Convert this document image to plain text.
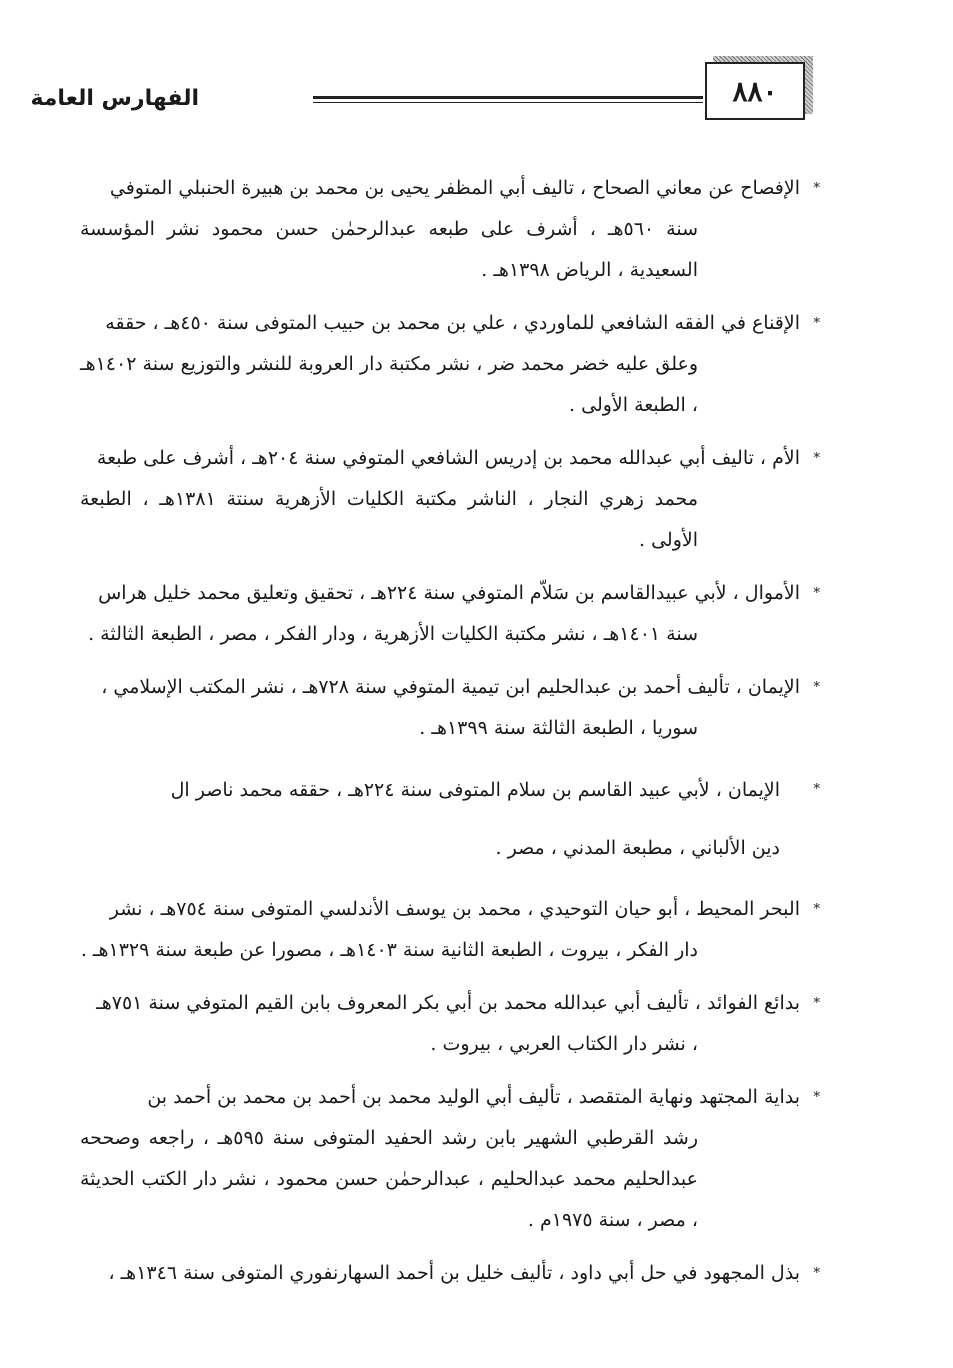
٨٨٠
الفهارس العامة
*
الإفصاح عن معاني الصحاح ، تاليف أبي المظفر يحيى بن محمد بن هبيرة الحنبلي المتوفي
سنة ٥٦٠هـ ، أشرف على طبعه عبدالرحمٰن حسن محمود نشر المؤسسة السعيدية ، الرياض ١٣٩٨هـ .
*
الإقناع في الفقه الشافعي للماوردي ، علي بن محمد بن حبيب المتوفى سنة ٤٥٠هـ ، حققه
وعلق عليه خضر محمد ضر ، نشر مكتبة دار العروبة للنشر والتوزيع سنة ١٤٠٢هـ ، الطبعة الأولى .
*
الأم ، تاليف أبي عبدالله محمد بن إدريس الشافعي المتوفي سنة ٢٠٤هـ ، أشرف على طبعة
محمد زهري النجار ، الناشر مكتبة الكليات الأزهرية سنتة ١٣٨١هـ ، الطبعة الأولى .
*
الأموال ، لأبي عبيدالقاسم بن سَلاّم المتوفي سنة ٢٢٤هـ ، تحقيق وتعليق محمد خليل هراس
سنة ١٤٠١هـ ، نشر مكتبة الكليات الأزهرية ، ودار الفكر ، مصر ، الطبعة الثالثة .
*
الإيمان ، تأليف أحمد بن عبدالحليم ابن تيمية المتوفي سنة ٧٢٨هـ ، نشر المكتب الإسلامي ،
سوريا ، الطبعة الثالثة سنة ١٣٩٩هـ .
*
الإيمان ، لأبي عبيد القاسم بن سلام المتوفى سنة ٢٢٤هـ ، حققه محمد ناصر ال
دين الألباني ، مطبعة المدني ، مصر .
*
البحر المحيط ، أبو حيان التوحيدي ، محمد بن يوسف الأندلسي المتوفى سنة ٧٥٤هـ ، نشر
دار الفكر ، بيروت ، الطبعة الثانية سنة ١٤٠٣هـ ، مصورا عن طبعة سنة ١٣٢٩هـ .
*
بدائع الفوائد ، تأليف أبي عبدالله محمد بن أبي بكر المعروف بابن القيم المتوفي سنة ٧٥١هـ
، نشر دار الكتاب العربي ، بيروت .
*
بداية المجتهد ونهاية المتقصد ، تأليف أبي الوليد محمد بن أحمد بن محمد بن أحمد بن
رشد القرطبي الشهير بابن رشد الحفيد المتوفى سنة ٥٩٥هـ ، راجعه وصححه عبدالحليم محمد عبدالحليم ، عبدالرحمٰن حسن محمود ، نشر دار الكتب الحديثة ، مصر ، سنة ١٩٧٥م .
*
بذل المجهود في حل أبي داود ، تأليف خليل بن أحمد السهارنفوري المتوفى سنة ١٣٤٦هـ ،
